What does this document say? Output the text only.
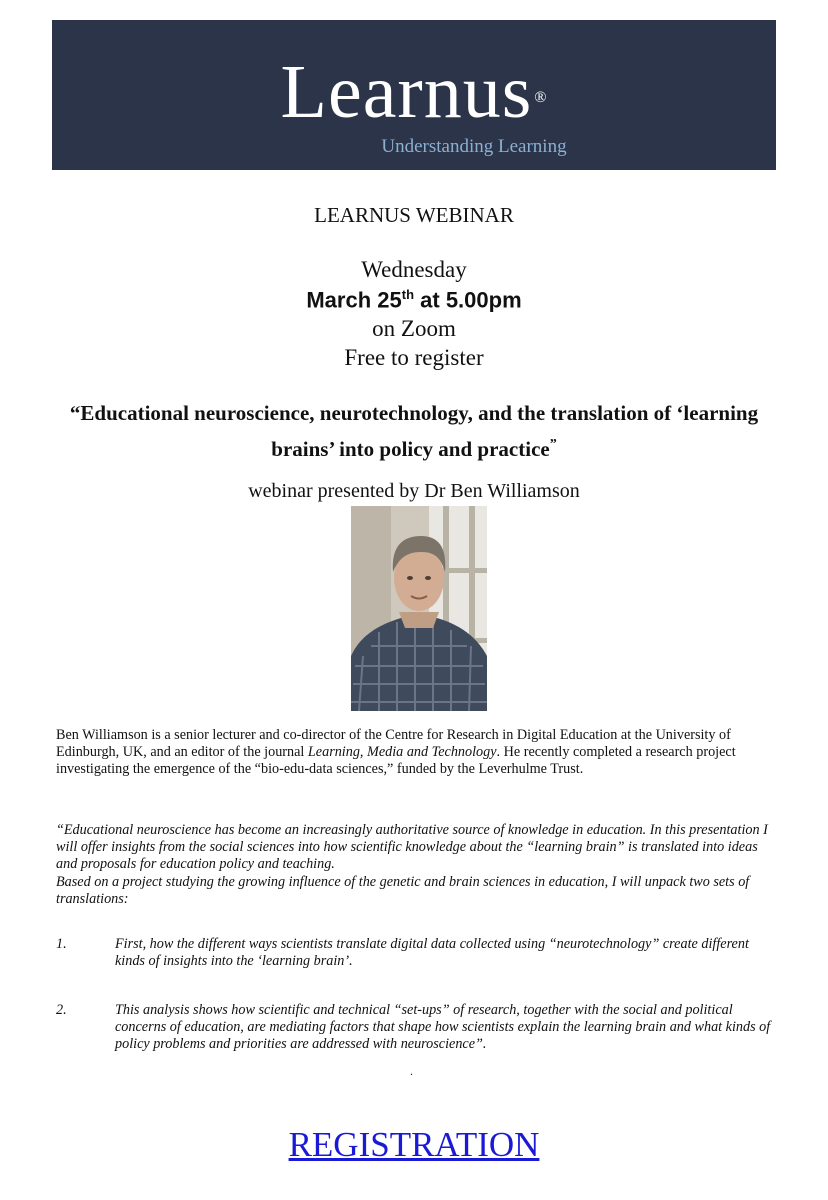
Learnus ®
Understanding Learning
LEARNUS WEBINAR
Wednesday
March 25th at 5.00pm
on Zoom
Free to register
“Educational neuroscience, neurotechnology, and the translation of ‘learning brains’ into policy and practice”
webinar presented by Dr Ben Williamson
Ben Williamson is a senior lecturer and co-director of the Centre for Research in Digital Education at the University of Edinburgh, UK, and an editor of the journal Learning, Media and Technology. He recently completed a research project investigating the emergence of the “bio-edu-data sciences,” funded by the Leverhulme Trust.
“Educational neuroscience has become an increasingly authoritative source of knowledge in education. In this presentation I will offer insights from the social sciences into how scientific knowledge about the “learning brain” is translated into ideas and proposals for education policy and teaching.
Based on a project studying the growing influence of the genetic and brain sciences in education, I will unpack two sets of translations:
1.	First, how the different ways scientists translate digital data collected using “neurotechnology” create different kinds of insights into the ‘learning brain’.
2.	This analysis shows how scientific and technical “set-ups” of research, together with the social and political concerns of education, are mediating factors that shape how scientists explain the learning brain and what kinds of policy problems and priorities are addressed with neuroscience”.
.
REGISTRATION
